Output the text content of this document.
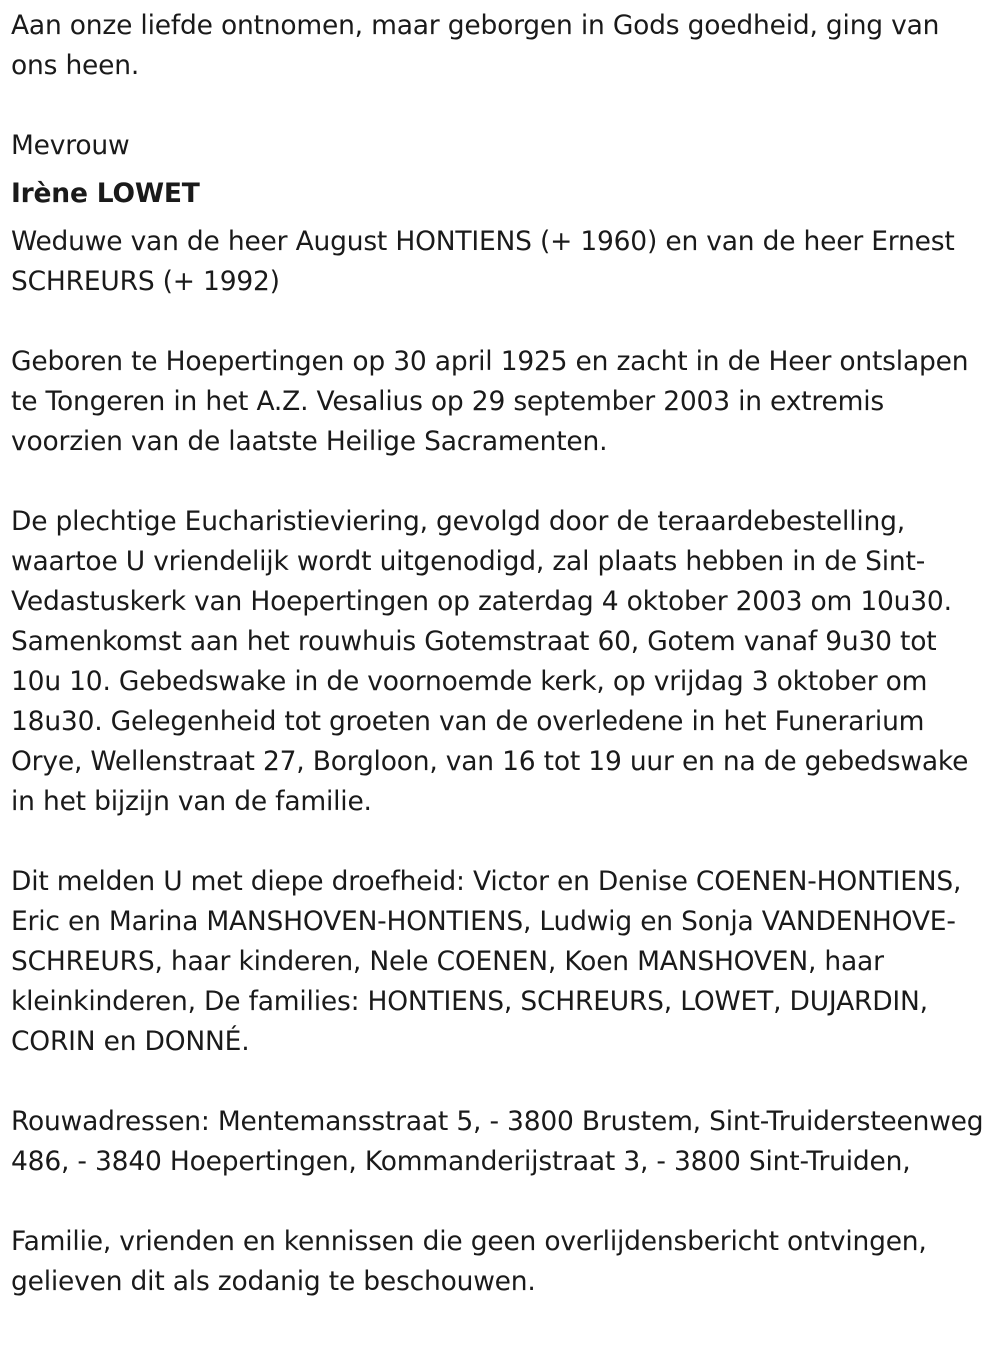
Aan onze liefde ontnomen, maar geborgen in Gods goedheid, ging van ons heen.

Mevrouw

Irène LOWET

Weduwe van de heer August HONTIENS (+ 1960) en van de heer Ernest SCHREURS (+ 1992)

Geboren te Hoepertingen op 30 april 1925 en zacht in de Heer ontslapen te Tongeren in het A.Z. Vesalius op 29 september 2003 in extremis voorzien van de laatste Heilige Sacramenten.

De plechtige Eucharistieviering, gevolgd door de teraardebestelling, waartoe U vriendelijk wordt uitgenodigd, zal plaats hebben in de Sint-Vedastuskerk van Hoepertingen op zaterdag 4 oktober 2003 om 10u30. Samenkomst aan het rouwhuis Gotemstraat 60, Gotem vanaf 9u30 tot 10u 10. Gebedswake in de voornoemde kerk, op vrijdag 3 oktober om 18u30. Gelegenheid tot groeten van de overledene in het Funerarium Orye, Wellenstraat 27, Borgloon, van 16 tot 19 uur en na de gebedswake in het bijzijn van de familie.

Dit melden U met diepe droefheid: Victor en Denise COENEN-HONTIENS, Eric en Marina MANSHOVEN-HONTIENS, Ludwig en Sonja VANDENHOVE-SCHREURS, haar kinderen, Nele COENEN, Koen MANSHOVEN, haar kleinkinderen, De families: HONTIENS, SCHREURS, LOWET, DUJARDIN, CORIN en DONNÉ.

Rouwadressen: Mentemansstraat 5, - 3800 Brustem, Sint-Truidersteenweg 486, - 3840 Hoepertingen, Kommanderijstraat 3, - 3800 Sint-Truiden,

Familie, vrienden en kennissen die geen overlijdensbericht ontvingen, gelieven dit als zodanig te beschouwen.
